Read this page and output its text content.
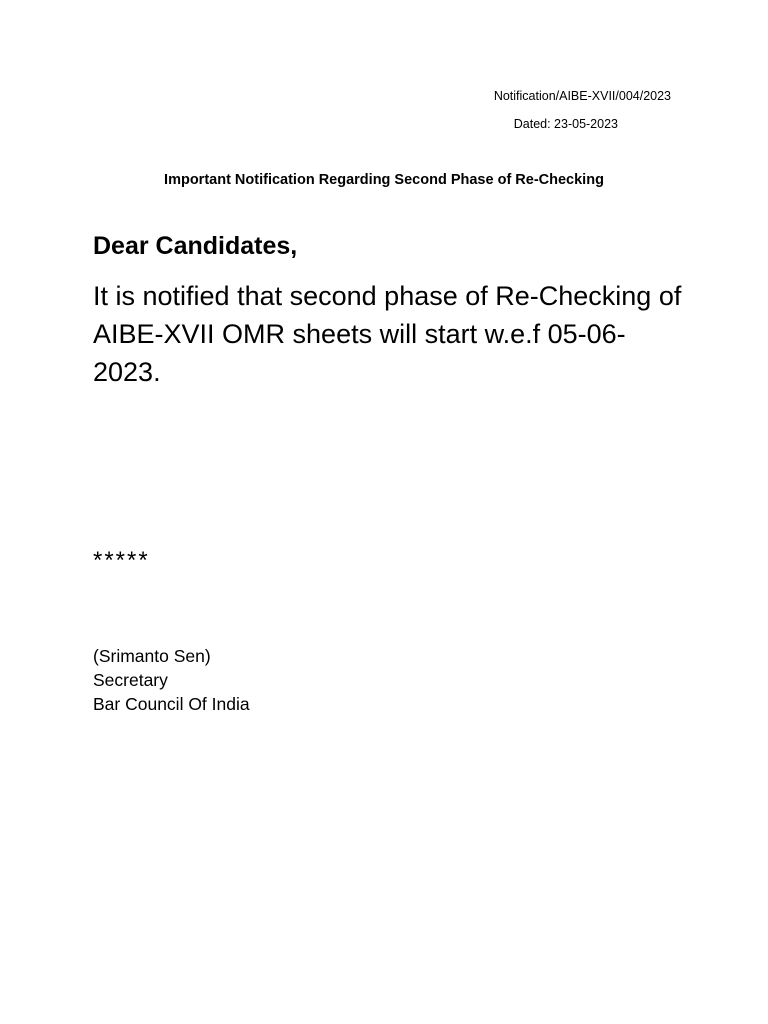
Notification/AIBE-XVII/004/2023
Dated: 23-05-2023
Important Notification Regarding Second Phase of Re-Checking
Dear Candidates,
It is notified that second phase of Re-Checking of AIBE-XVII OMR sheets will start w.e.f 05-06-2023.
*****
(Srimanto Sen)
Secretary
Bar Council Of India
